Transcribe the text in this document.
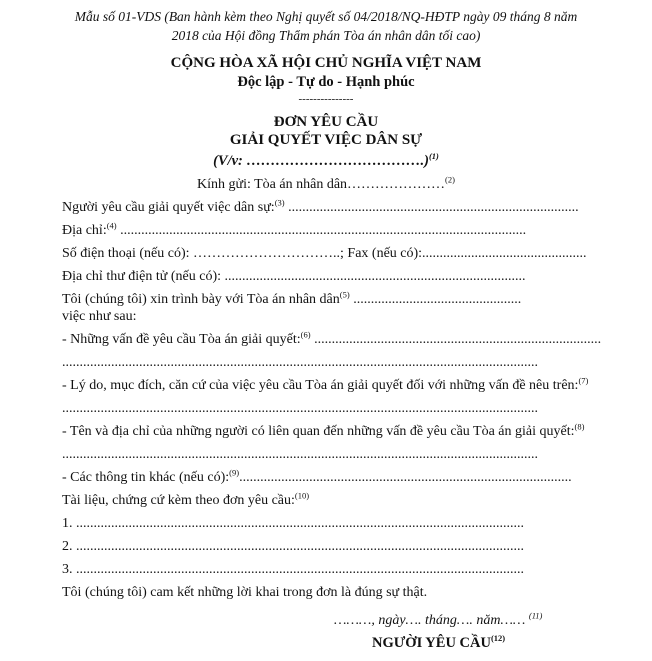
Mẫu số 01-VDS (Ban hành kèm theo Nghị quyết số 04/2018/NQ-HĐTP ngày 09 tháng 8 năm
2018 của Hội đồng Thẩm phán Tòa án nhân dân tối cao)
CỘNG HÒA XÃ HỘI CHỦ NGHĨA VIỆT NAM
Độc lập - Tự do - Hạnh phúc
---------------
ĐƠN YÊU CẦU
GIẢI QUYẾT VIỆC DÂN SỰ
(V/v: ……………………………….)$^{(1)}$
Kính gửi: Tòa án nhân dân…………………$^{(2)}$
Người yêu cầu giải quyết việc dân sự:$^{(3)}$ ...................................................................................
Địa chỉ:$^{(4)}$ ....................................................................................................................
Số điện thoại (nếu có): …………………………..; Fax (nếu có):...............................................
Địa chỉ thư điện tử (nếu có): ......................................................................................
Tôi (chúng tôi) xin trình bày với Tòa án nhân dân$^{(5)}$ ................................................
việc như sau:
- Những vấn đề yêu cầu Tòa án giải quyết:$^{(6)}$ ..................................................................................
........................................................................................................................................
- Lý do, mục đích, căn cứ của việc yêu cầu Tòa án giải quyết đối với những vấn đề nêu trên:$^{(7)}$
........................................................................................................................................
- Tên và địa chỉ của những người có liên quan đến những vấn đề yêu cầu Tòa án giải quyết:$^{(8)}$
........................................................................................................................................
- Các thông tin khác (nếu có):$^{(9)}$...............................................................................................
Tài liệu, chứng cứ kèm theo đơn yêu cầu:$^{(10)}$
1. ................................................................................................................................
2. ................................................................................................................................
3. ................................................................................................................................
Tôi (chúng tôi) cam kết những lời khai trong đơn là đúng sự thật.
………, ngày…. tháng…. năm…… $^{(11)}$
NGƯỜI YÊU CẦU$^{(12)}$
